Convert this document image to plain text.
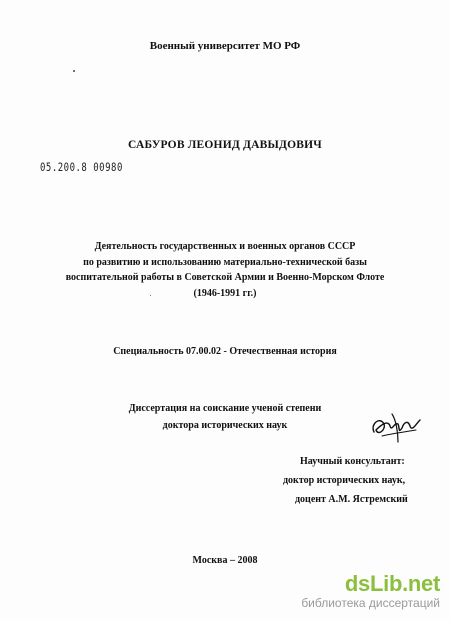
Военный университет МО РФ
САБУРОВ ЛЕОНИД ДАВЫДОВИЧ
05.200.8 00980
Деятельность государственных и военных органов СССР
по развитию и использованию материально-технической базы
воспитательной работы в Советской Армии и Военно-Морском Флоте
(1946-1991 гг.)
Специальность 07.00.02 - Отечественная история
Диссертация на соискание ученой степени
доктора исторических наук
Научный консультант:
доктор исторических наук,
доцент А.М. Ястремский
Москва – 2008
dsLib.net
библиотека диссертаций
